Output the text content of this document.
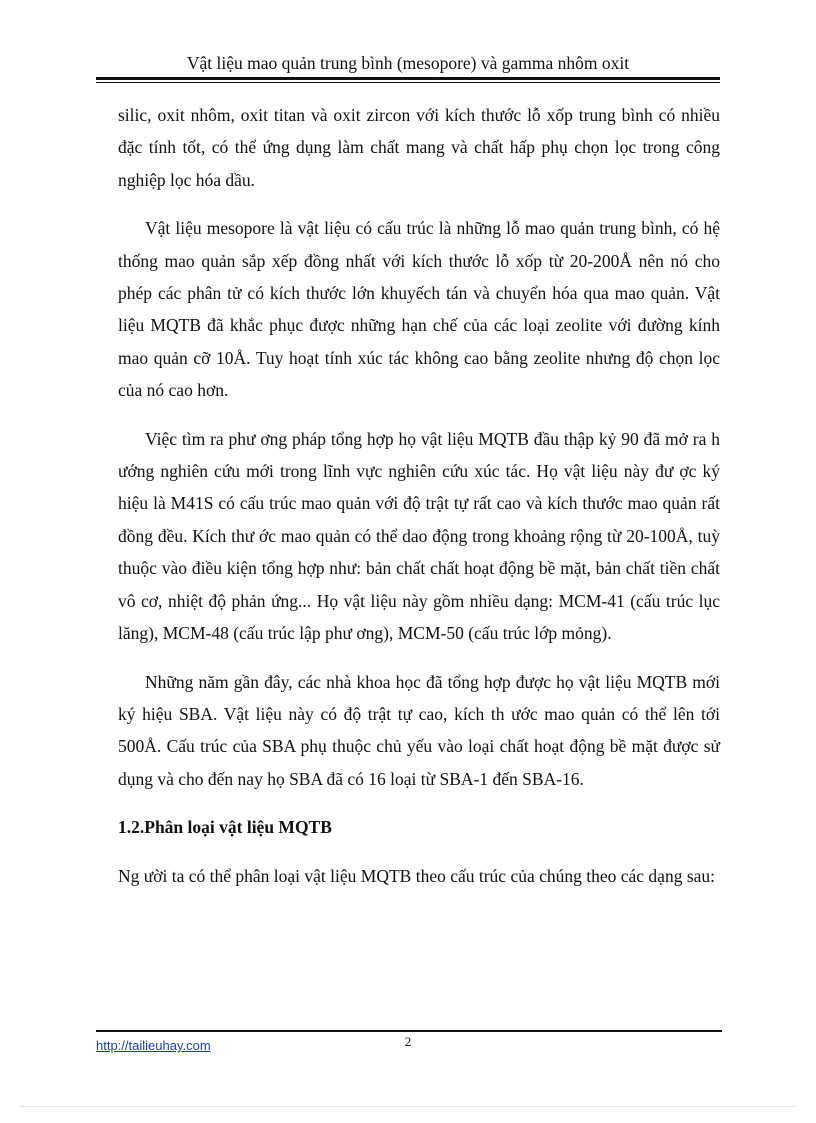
Vật liệu mao quản trung bình (mesopore) và gamma nhôm oxit

silic, oxit nhôm, oxit titan và oxit zircon với kích thước lỗ xốp trung bình có nhiều đặc tính tốt, có thể ứng dụng làm chất mang và chất hấp phụ chọn lọc trong công nghiệp lọc hóa dầu.

Vật liệu mesopore là vật liệu có cấu trúc là những lỗ mao quản trung bình, có hệ thống mao quản sắp xếp đồng nhất với kích thước lỗ xốp từ 20-200Å nên nó cho phép các phân tử có kích thước lớn khuyếch tán và chuyển hóa qua mao quản. Vật liệu MQTB đã khắc phục được những hạn chế của các loại zeolite với đường kính mao quản cỡ 10Å. Tuy hoạt tính xúc tác không cao bằng zeolite nhưng độ chọn lọc của nó cao hơn.

Việc tìm ra phư ơng pháp tổng hợp họ vật liệu MQTB đầu thập kỷ 90 đã mở ra h ướng nghiên cứu mới trong lĩnh vực nghiên cứu xúc tác. Họ vật liệu này đư ợc ký hiệu là M41S có cấu trúc mao quản với độ trật tự rất cao và kích thước mao quản rất đồng đều. Kích thư ớc mao quản có thể dao động trong khoảng rộng từ 20-100Å, tuỳ thuộc vào điều kiện tổng hợp như: bản chất chất hoạt động bề mặt, bản chất tiền chất vô cơ, nhiệt độ phản ứng... Họ vật liệu này gồm nhiều dạng: MCM-41 (cấu trúc lục lăng), MCM-48 (cấu trúc lập phư ơng), MCM-50 (cấu trúc lớp mỏng).

Những năm gần đây, các nhà khoa học đã tổng hợp được họ vật liệu MQTB mới ký hiệu SBA. Vật liệu này có độ trật tự cao, kích th ước mao quản có thể lên tới 500Å. Cấu trúc của SBA phụ thuộc chủ yếu vào loại chất hoạt động bề mặt được sử dụng và cho đến nay họ SBA đã có 16 loại từ SBA-1 đến SBA-16.

1.2.Phân loại vật liệu MQTB

Ng ười ta có thể phân loại vật liệu MQTB theo cấu trúc của chúng theo các dạng sau:

http://tailieuhay.com	2
